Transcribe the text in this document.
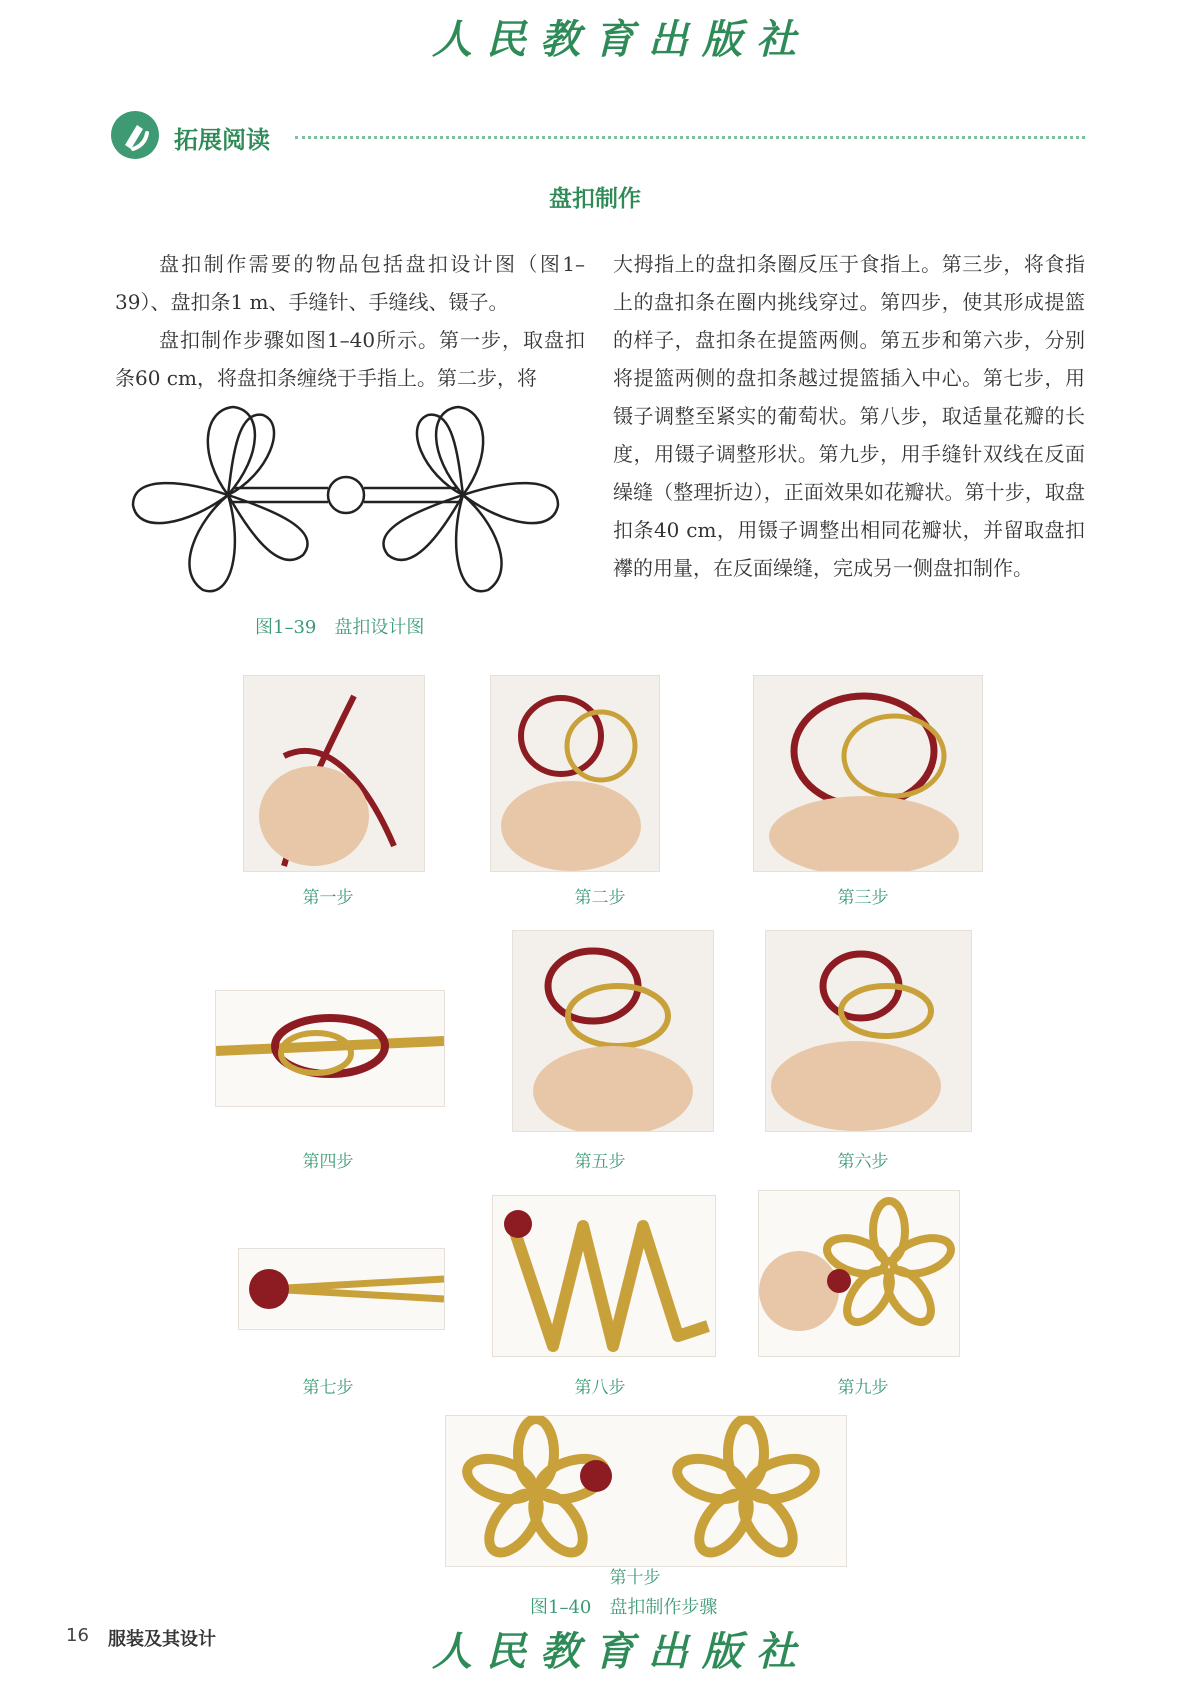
人民教育出版社
拓展阅读
盘扣制作

盘扣制作需要的物品包括盘扣设计图（图1–39）、盘扣条1 m、手缝针、手缝线、镊子。

盘扣制作步骤如图1–40所示。第一步，取盘扣条60 cm，将盘扣条缠绕于手指上。第二步，将

大拇指上的盘扣条圈反压于食指上。第三步，将食指上的盘扣条在圈内挑线穿过。第四步，使其形成提篮的样子，盘扣条在提篮两侧。第五步和第六步，分别将提篮两侧的盘扣条越过提篮插入中心。第七步，用镊子调整至紧实的葡萄状。第八步，取适量花瓣的长度，用镊子调整形状。第九步，用手缝针双线在反面缲缝（整理折边），正面效果如花瓣状。第十步，取盘扣条40 cm，用镊子调整出相同花瓣状，并留取盘扣襻的用量，在反面缲缝，完成另一侧盘扣制作。

图1–39　盘扣设计图
第一步	第二步	第三步
第四步	第五步	第六步
第七步	第八步	第九步
第十步
图1–40　盘扣制作步骤
16 服装及其设计	人民教育出版社
